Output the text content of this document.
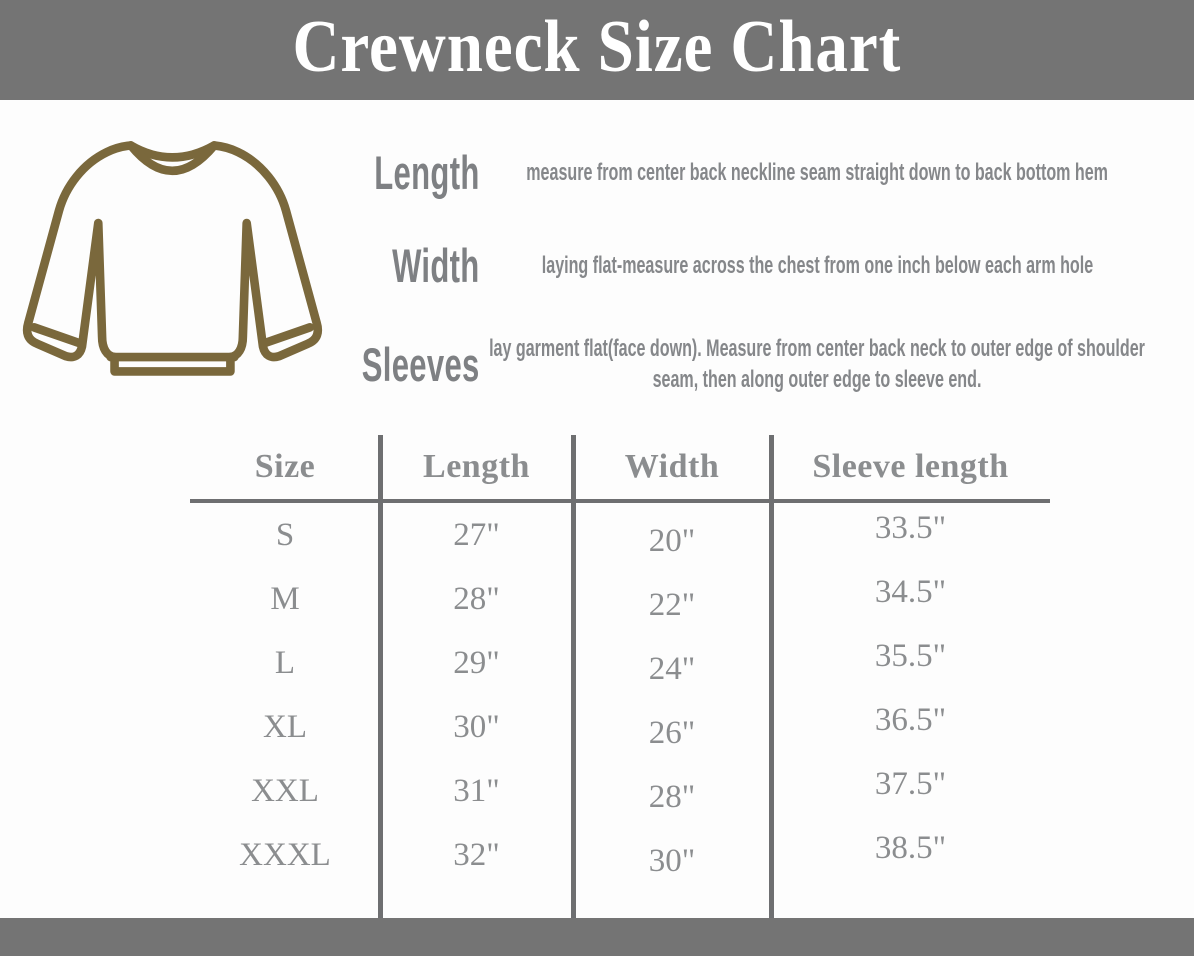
Crewneck Size Chart
Length measure from center back neckline seam straight down to back bottom hem
Width	laying flat-measure across the chest from one inch below each arm hole
Sleeves lay garment flat(face down). Measure from center back neck to outer edge of shoulder seam, then along outer edge to sleeve end.
Size	Length	Width	Sleeve length
S	27"	20"	33.5"
M	28"	22"	34.5"
L	29"	24"	35.5"
XL	30"	26"	36.5"
XXL	31"	28"	37.5"
XXXL	32"	30"	38.5"
